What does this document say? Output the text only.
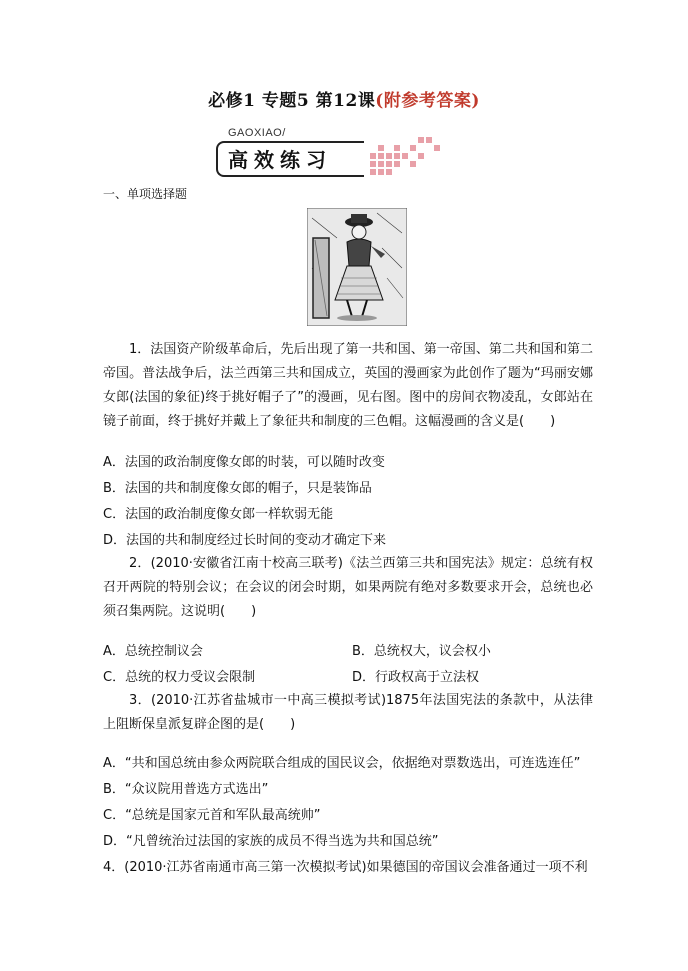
必修1 专题5 第12课(附参考答案)
GAOXIAO/
高效练习
一、单项选择题

1．法国资产阶级革命后，先后出现了第一共和国、第一帝国、第二共和国和第二帝国。普法战争后，法兰西第三共和国成立，英国的漫画家为此创作了题为“玛丽安娜女郎(法国的象征)终于挑好帽子了”的漫画，见右图。图中的房间衣物凌乱，女郎站在镜子前面，终于挑好并戴上了象征共和制度的三色帽。这幅漫画的含义是(　　)

A．法国的政治制度像女郎的时装，可以随时改变
B．法国的共和制度像女郎的帽子，只是装饰品
C．法国的政治制度像女郎一样软弱无能
D．法国的共和制度经过长时间的变动才确定下来

2．(2010·安徽省江南十校高三联考)《法兰西第三共和国宪法》规定：总统有权召开两院的特别会议；在会议的闭会时期，如果两院有绝对多数要求开会，总统也必须召集两院。这说明(　　)

A．总统控制议会	B．总统权大，议会权小
C．总统的权力受议会限制	D．行政权高于立法权

3．(2010·江苏省盐城市一中高三模拟考试)1875年法国宪法的条款中，从法律上阻断保皇派复辟企图的是(　　)

A．“共和国总统由参众两院联合组成的国民议会，依据绝对票数选出，可连选连任”
B．“众议院用普选方式选出”
C．“总统是国家元首和军队最高统帅”
D．“凡曾统治过法国的家族的成员不得当选为共和国总统”
4．(2010·江苏省南通市高三第一次模拟考试)如果德国的帝国议会准备通过一项不利
